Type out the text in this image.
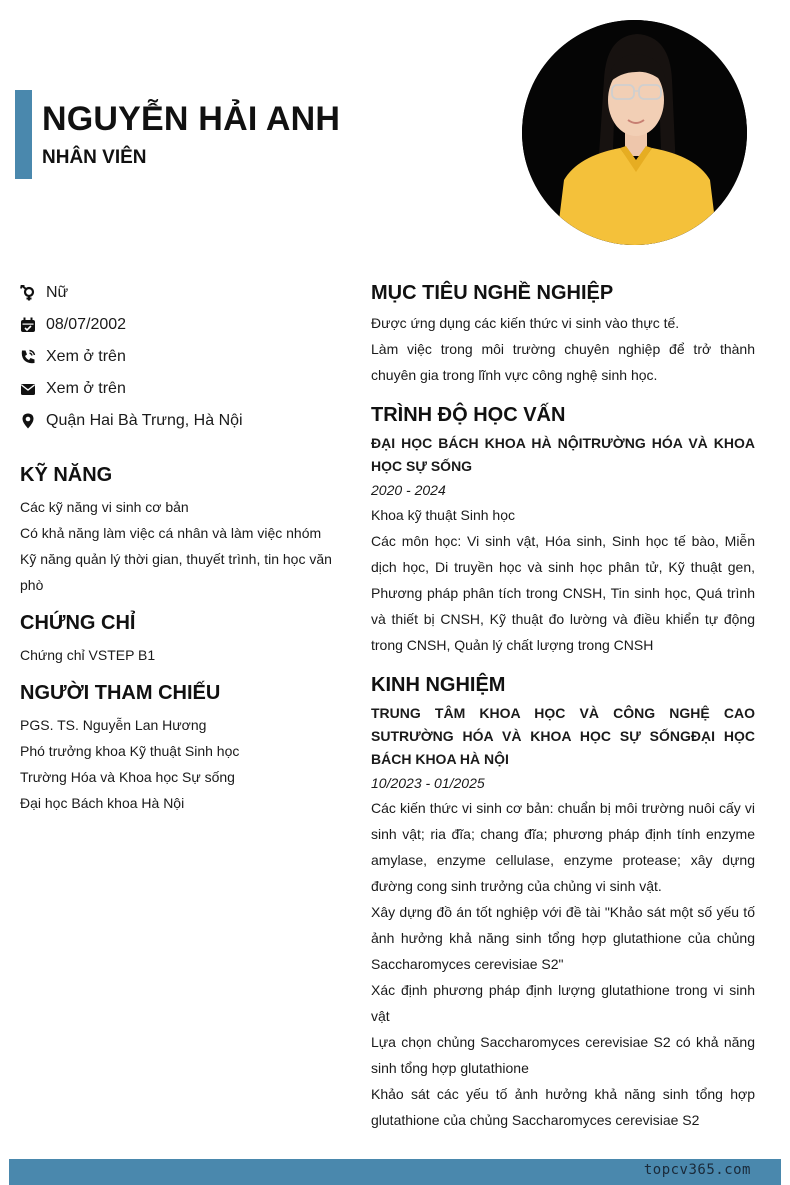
NGUYỄN HẢI ANH
NHÂN VIÊN
Nữ
08/07/2002
Xem ở trên
Xem ở trên
Quận Hai Bà Trưng, Hà Nội
KỸ NĂNG

Các kỹ năng vi sinh cơ bản

Có khả năng làm việc cá nhân và làm việc nhóm

Kỹ năng quản lý thời gian, thuyết trình, tin học văn

phò

CHỨNG CHỈ

Chứng chỉ VSTEP B1

NGƯỜI THAM CHIẾU

PGS. TS. Nguyễn Lan Hương

Phó trưởng khoa Kỹ thuật Sinh học

Trường Hóa và Khoa học Sự sống

Đại học Bách khoa Hà Nội

MỤC TIÊU NGHỀ NGHIỆP

Được ứng dụng các kiến thức vi sinh vào thực tế.

Làm việc trong môi trường chuyên nghiệp để trở thành chuyên gia trong lĩnh vực công nghệ sinh học.

TRÌNH ĐỘ HỌC VẤN

ĐẠI HỌC BÁCH KHOA HÀ NỘITRƯỜNG HÓA VÀ KHOA HỌC SỰ SỐNG

2020 - 2024

Khoa kỹ thuật Sinh học

Các môn học: Vi sinh vật, Hóa sinh, Sinh học tế bào, Miễn dịch học, Di truyền học và sinh học phân tử, Kỹ thuật gen, Phương pháp phân tích trong CNSH, Tin sinh học, Quá trình và thiết bị CNSH, Kỹ thuật đo lường và điều khiển tự động trong CNSH, Quản lý chất lượng trong CNSH

KINH NGHIỆM

TRUNG TÂM KHOA HỌC VÀ CÔNG NGHỆ CAO SUTRƯỜNG HÓA VÀ KHOA HỌC SỰ SỐNGĐẠI HỌC BÁCH KHOA HÀ NỘI

10/2023 - 01/2025

Các kiến thức vi sinh cơ bản: chuẩn bị môi trường nuôi cấy vi sinh vật; ria đĩa; chang đĩa; phương pháp định tính enzyme amylase, enzyme cellulase, enzyme protease; xây dựng đường cong sinh trưởng của chủng vi sinh vật.

Xây dựng đồ án tốt nghiệp với đề tài "Khảo sát một số yếu tố ảnh hưởng khả năng sinh tổng hợp glutathione của chủng Saccharomyces cerevisiae S2"

Xác định phương pháp định lượng glutathione trong vi sinh vật

Lựa chọn chủng Saccharomyces cerevisiae S2 có khả năng sinh tổng hợp glutathione

Khảo sát các yếu tố ảnh hưởng khả năng sinh tổng hợp glutathione của chủng Saccharomyces cerevisiae S2

topcv365.com
